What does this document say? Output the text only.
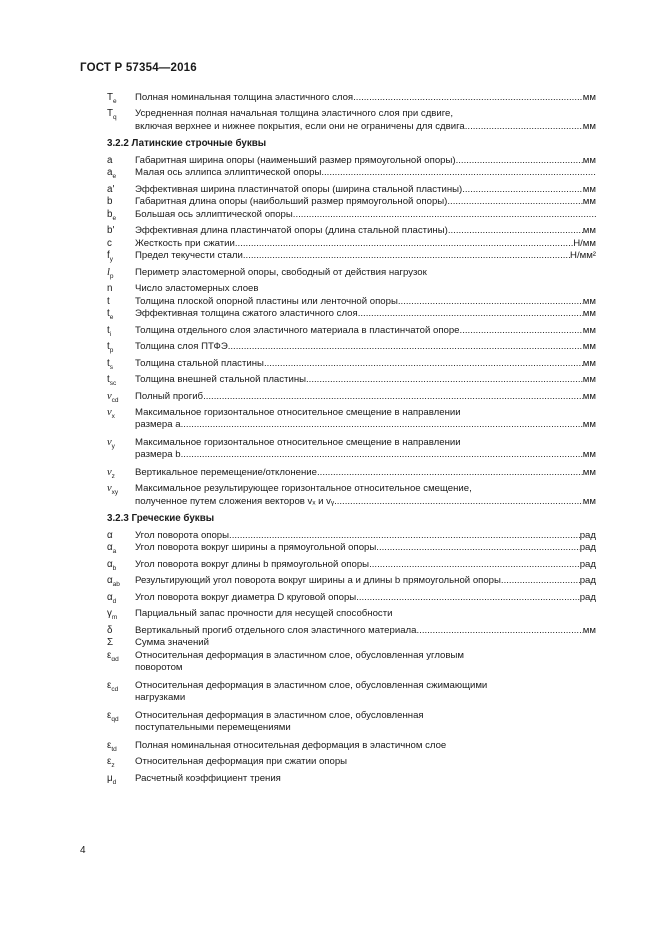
ГОСТ Р 57354—2016
$T_e$	Полная номинальная толщина эластичного слоя .....	мм
$T_q$	Усредненная полная начальная толщина эластичного слоя при сдвиге,
включая верхнее и нижнее покрытия, если они не ограничены для сдвига .....	мм
3.2.2 Латинские строчные буквы
a	Габаритная ширина опоры (наименьший размер прямоугольной опоры) .....	мм
$a_e$	Малая ось эллипса эллиптической опоры
.....
a'	Эффективная ширина пластинчатой опоры (ширина стальной пластины) .....	мм
b	Габаритная длина опоры (наибольший размер прямоугольной опоры) .....	мм
$b_e$	Большая ось эллиптической опоры
.....
b'	Эффективная длина пластинчатой опоры (длина стальной пластины) .....	мм
c	Жесткость при сжатии .....	Н/мм
$f_y$	Предел текучести стали .....	Н/мм²
$l_p$	Периметр эластомерной опоры, свободный от действия нагрузок
n	Число эластомерных слоев
t	Толщина плоской опорной пластины или ленточной опоры .....	мм
$t_e$	Эффективная толщина сжатого эластичного слоя .....	мм
$t_i$	Толщина отдельного слоя эластичного материала в пластинчатой опоре .....	мм
$t_p$	Толщина слоя ПТФЭ .....	мм
$t_s$	Толщина стальной пластины .....	мм
$t_{sc}$	Толщина внешней стальной пластины .....	мм
$v_{cd}$	Полный прогиб .....	мм
$v_x$	Максимальное горизонтальное относительное смещение в направлении
размера a .....	мм
$v_y$	Максимальное горизонтальное относительное смещение в направлении
размера b .....	мм
$v_z$	Вертикальное перемещение/отклонение .....	мм
$v_{xy}$	Максимальное результирующее горизонтальное относительное смещение,
полученное путем сложения векторов vₓ и vᵧ .....	мм
3.2.3 Греческие буквы
α	Угол поворота опоры .....	рад
$\alpha_a$	Угол поворота вокруг ширины a прямоугольной опоры .....	рад
$\alpha_b$	Угол поворота вокруг длины b прямоугольной опоры .....	рад
$\alpha_{ab}$	Результирующий угол поворота вокруг ширины a и длины b прямоугольной опоры .....	рад
$\alpha_d$	Угол поворота вокруг диаметра D круговой опоры .....	рад
$\gamma_m$	Парциальный запас прочности для несущей способности
δ	Вертикальный прогиб отдельного слоя эластичного материала .....	мм
Σ	Сумма значений
$\varepsilon_{\alpha d}$	Относительная деформация в эластичном слое, обусловленная угловым
поворотом
$\varepsilon_{cd}$	Относительная деформация в эластичном слое, обусловленная сжимающими
нагрузками
$\varepsilon_{qd}$	Относительная деформация в эластичном слое, обусловленная
поступательными перемещениями
$\varepsilon_{td}$	Полная номинальная относительная деформация в эластичном слое
$\varepsilon_z$	Относительная деформация при сжатии опоры
$\mu_d$	Расчетный коэффициент трения
4
